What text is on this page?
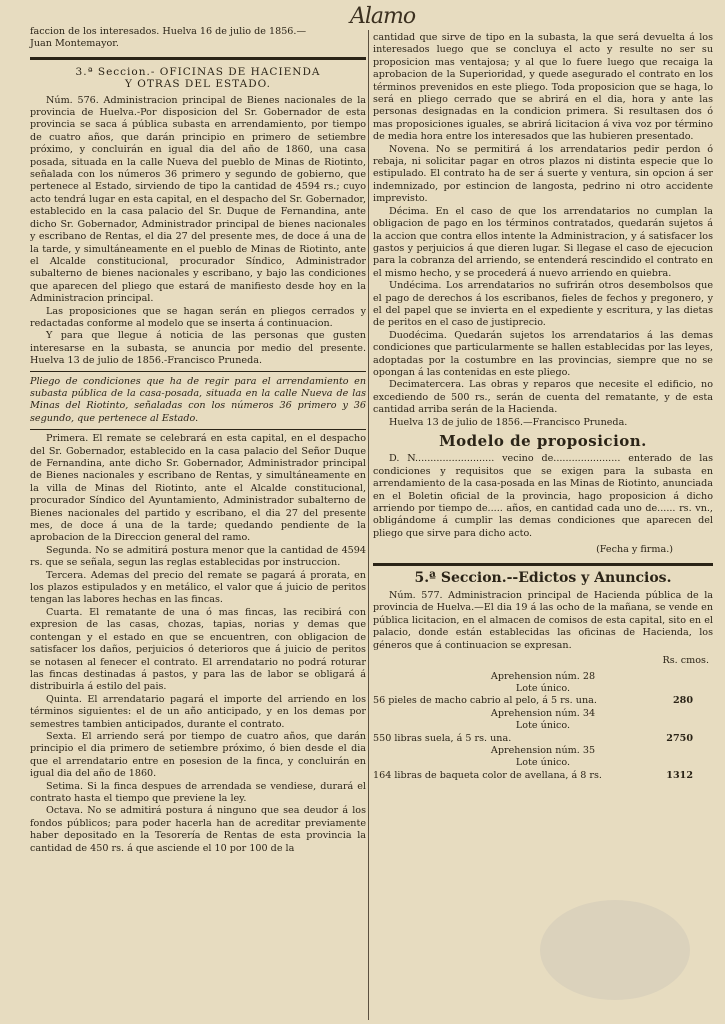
Alamo

faccion de los interesados. Huelva 16 de julio de 1856.—

Juan Montemayor.

3.ª Seccion.- OFICINAS DE HACIENDA
Y OTRAS DEL ESTADO.

Núm. 576. Administracion principal de Bienes nacionales de la provincia de Huelva.-Por disposicion del Sr. Gobernador de esta provincia se saca á pública subasta en arrendamiento, por tiempo de cuatro años, que darán principio en primero de setiembre próximo, y concluirán en igual dia del año de 1860, una casa posada, situada en la calle Nueva del pueblo de Minas de Riotinto, señalada con los números 36 primero y segundo de gobierno, que pertenece al Estado, sirviendo de tipo la cantidad de 4594 rs.; cuyo acto tendrá lugar en esta capital, en el despacho del Sr. Gobernador, establecido en la casa palacio del Sr. Duque de Fernandina, ante dicho Sr. Gobernador, Administrador principal de bienes nacionales y escribano de Rentas, el dia 27 del presente mes, de doce á una de la tarde, y simultáneamente en el pueblo de Minas de Riotinto, ante el Alcalde constitucional, procurador Síndico, Administrador subalterno de bienes nacionales y escribano, y bajo las condiciones que aparecen del pliego que estará de manifiesto desde hoy en la Administracion principal.

Las proposiciones que se hagan serán en pliegos cerrados y redactadas conforme al modelo que se inserta á continuacion.

Y para que llegue á noticia de las personas que gusten interesarse en la subasta, se anuncia por medio del presente. Huelva 13 de julio de 1856.-Francisco Pruneda.

Pliego de condiciones que ha de regir para el arrendamiento en subasta pública de la casa-posada, situada en la calle Nueva de las Minas del Riotinto, señaladas con los números 36 primero y 36 segundo, que pertenece al Estado.

Primera. El remate se celebrará en esta capital, en el despacho del Sr. Gobernador, establecido en la casa palacio del Señor Duque de Fernandina, ante dicho Sr. Gobernador, Administrador principal de Bienes nacionales y escribano de Rentas, y simultáneamente en la villa de Minas del Riotinto, ante el Alcalde constitucional, procurador Síndico del Ayuntamiento, Administrador subalterno de Bienes nacionales del partido y escribano, el dia 27 del presente mes, de doce á una de la tarde; quedando pendiente de la aprobacion de la Direccion general del ramo.

Segunda. No se admitirá postura menor que la cantidad de 4594 rs. que se señala, segun las reglas establecidas por instruccion.

Tercera. Ademas del precio del remate se pagará á prorata, en los plazos estipulados y en metálico, el valor que á juicio de peritos tengan las labores hechas en las fincas.

Cuarta. El rematante de una ó mas fincas, las recibirá con expresion de las casas, chozas, tapias, norias y demas que contengan y el estado en que se encuentren, con obligacion de satisfacer los daños, perjuicios ó deterioros que á juicio de peritos se notasen al fenecer el contrato. El arrendatario no podrá roturar las fincas destinadas á pastos, y para las de labor se obligará á distribuirla á estilo del pais.

Quinta. El arrendatario pagará el importe del arriendo en los términos siguientes: el de un año anticipado, y en los demas por semestres tambien anticipados, durante el contrato.

Sexta. El arriendo será por tiempo de cuatro años, que darán principio el dia primero de setiembre próximo, ó bien desde el dia que el arrendatario entre en posesion de la finca, y concluirán en igual dia del año de 1860.

Setima. Si la finca despues de arrendada se vendiese, durará el contrato hasta el tiempo que previene la ley.

Octava. No se admitirá postura á ninguno que sea deudor á los fondos públicos; para poder hacerla han de acreditar previamente haber depositado en la Tesorería de Rentas de esta provincia la cantidad de 450 rs. á que asciende el 10 por 100 de la

cantidad que sirve de tipo en la subasta, la que será devuelta á los interesados luego que se concluya el acto y resulte no ser su proposicion mas ventajosa; y al que lo fuere luego que recaiga la aprobacion de la Superioridad, y quede asegurado el contrato en los términos prevenidos en este pliego. Toda proposicion que se haga, lo será en pliego cerrado que se abrirá en el dia, hora y ante las personas designadas en la condicion primera. Si resultasen dos ó mas proposiciones iguales, se abrirá licitacion á viva voz por término de media hora entre los interesados que las hubieren presentado.

Novena. No se permitirá á los arrendatarios pedir perdon ó rebaja, ni solicitar pagar en otros plazos ni distinta especie que lo estipulado. El contrato ha de ser á suerte y ventura, sin opcion á ser indemnizado, por estincion de langosta, pedrino ni otro accidente imprevisto.

Décima. En el caso de que los arrendatarios no cumplan la obligacion de pago en los términos contratados, quedarán sujetos á la accion que contra ellos intente la Administracion, y á satisfacer los gastos y perjuicios á que dieren lugar. Si llegase el caso de ejecucion para la cobranza del arriendo, se entenderá rescindido el contrato en el mismo hecho, y se procederá á nuevo arriendo en quiebra.

Undécima. Los arrendatarios no sufrirán otros desembolsos que el pago de derechos á los escribanos, fieles de fechos y pregonero, y el del papel que se invierta en el expediente y escritura, y las dietas de peritos en el caso de justiprecio.

Duodécima. Quedarán sujetos los arrendatarios á las demas condiciones que particularmente se hallen establecidas por las leyes, adoptadas por la costumbre en las provincias, siempre que no se opongan á las contenidas en este pliego.

Decimatercera. Las obras y reparos que necesite el edificio, no excediendo de 500 rs., serán de cuenta del rematante, y de esta cantidad arriba serán de la Hacienda.

Huelva 13 de julio de 1856.—Francisco Pruneda.

Modelo de proposicion.

D. N.......................... vecino de...................... enterado de las condiciones y requisitos que se exigen para la subasta en arrendamiento de la casa-posada en las Minas de Riotinto, anunciada en el Boletin oficial de la provincia, hago proposicion á dicho arriendo por tiempo de..... años, en cantidad cada uno de...... rs. vn., obligándome á cumplir las demas condiciones que aparecen del pliego que sirve para dicho acto.

(Fecha y firma.)

5.ª Seccion.--Edictos y Anuncios.

Núm. 577. Administracion principal de Hacienda pública de la provincia de Huelva.—El dia 19 á las ocho de la mañana, se vende en pública licitacion, en el almacen de comisos de esta capital, sito en el palacio, donde están establecidas las oficinas de Hacienda, los géneros que á continuacion se expresan.

Rs. cmos.

Aprehension núm. 28

Lote único.

56 pieles de macho cabrio al pelo, á 5 rs. una.	280

Aprehension núm. 34

Lote único.

550 libras suela, á 5 rs. una.	2750

Aprehension núm. 35

Lote único.

164 libras de baqueta color de avellana, á 8 rs.	1312
